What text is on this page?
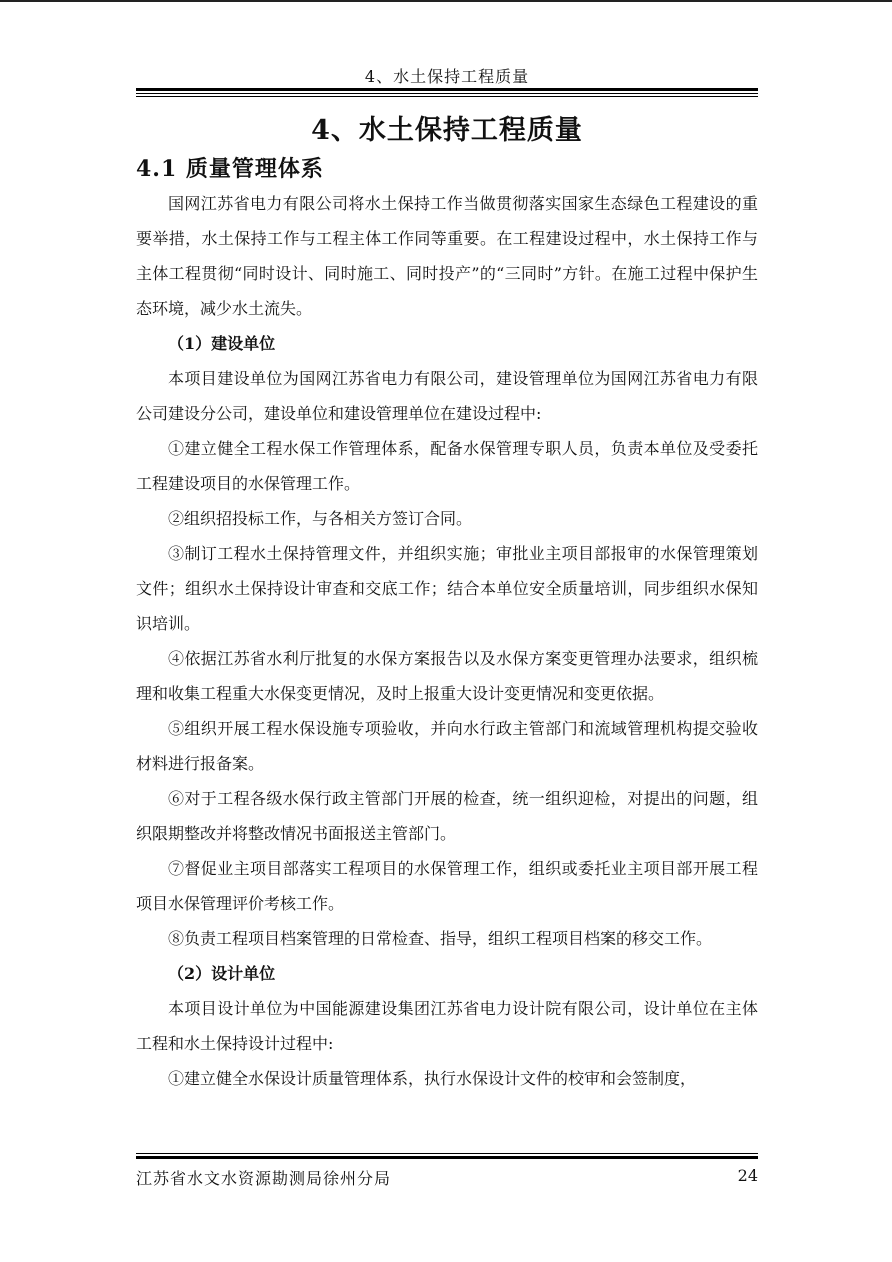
4、水土保持工程质量
4、水土保持工程质量
4.1 质量管理体系

国网江苏省电力有限公司将水土保持工作当做贯彻落实国家生态绿色工程建设的重要举措，水土保持工作与工程主体工作同等重要。在工程建设过程中，水土保持工作与主体工程贯彻“同时设计、同时施工、同时投产”的“三同时”方针。在施工过程中保护生态环境，减少水土流失。

（1）建设单位

本项目建设单位为国网江苏省电力有限公司，建设管理单位为国网江苏省电力有限公司建设分公司，建设单位和建设管理单位在建设过程中:

①建立健全工程水保工作管理体系，配备水保管理专职人员，负责本单位及受委托工程建设项目的水保管理工作。

②组织招投标工作，与各相关方签订合同。

③制订工程水土保持管理文件，并组织实施；审批业主项目部报审的水保管理策划文件；组织水土保持设计审查和交底工作；结合本单位安全质量培训，同步组织水保知识培训。

④依据江苏省水利厅批复的水保方案报告以及水保方案变更管理办法要求，组织梳理和收集工程重大水保变更情况，及时上报重大设计变更情况和变更依据。

⑤组织开展工程水保设施专项验收，并向水行政主管部门和流域管理机构提交验收材料进行报备案。

⑥对于工程各级水保行政主管部门开展的检查，统一组织迎检，对提出的问题，组织限期整改并将整改情况书面报送主管部门。

⑦督促业主项目部落实工程项目的水保管理工作，组织或委托业主项目部开展工程项目水保管理评价考核工作。

⑧负责工程项目档案管理的日常检查、指导，组织工程项目档案的移交工作。

（2）设计单位

本项目设计单位为中国能源建设集团江苏省电力设计院有限公司，设计单位在主体工程和水土保持设计过程中:

①建立健全水保设计质量管理体系，执行水保设计文件的校审和会签制度，

江苏省水文水资源勘测局徐州分局	24
